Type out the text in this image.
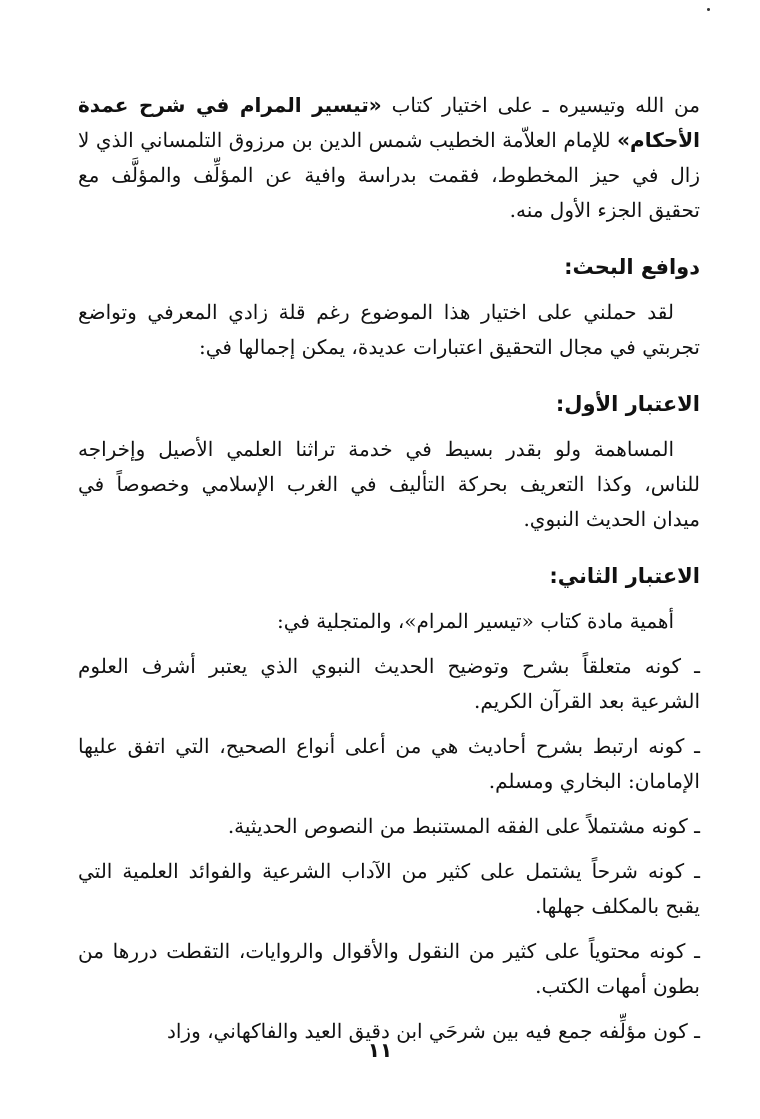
من الله وتيسيره ـ على اختيار كتاب «تيسير المرام في شرح عمدة الأحكام» للإمام العلاّمة الخطيب شمس الدين بن مرزوق التلمساني الذي لا زال في حيز المخطوط، فقمت بدراسة وافية عن المؤلِّف والمؤلَّف مع تحقيق الجزء الأول منه.

دوافع البحث:

لقد حملني على اختيار هذا الموضوع رغم قلة زادي المعرفي وتواضع تجربتي في مجال التحقيق اعتبارات عديدة، يمكن إجمالها في:

الاعتبار الأول:

المساهمة ولو بقدر بسيط في خدمة تراثنا العلمي الأصيل وإخراجه للناس، وكذا التعريف بحركة التأليف في الغرب الإسلامي وخصوصاً في ميدان الحديث النبوي.

الاعتبار الثاني:

أهمية مادة كتاب «تيسير المرام»، والمتجلية في:

ـ كونه متعلقاً بشرح وتوضيح الحديث النبوي الذي يعتبر أشرف العلوم الشرعية بعد القرآن الكريم.

ـ كونه ارتبط بشرح أحاديث هي من أعلى أنواع الصحيح، التي اتفق عليها الإمامان: البخاري ومسلم.

ـ كونه مشتملاً على الفقه المستنبط من النصوص الحديثية.

ـ كونه شرحاً يشتمل على كثير من الآداب الشرعية والفوائد العلمية التي يقبح بالمكلف جهلها.

ـ كونه محتوياً على كثير من النقول والأقوال والروايات، التقطت دررها من بطون أمهات الكتب.

ـ كون مؤلِّفه جمع فيه بين شرحَي ابن دقيق العيد والفاكهاني، وزاد

١١
